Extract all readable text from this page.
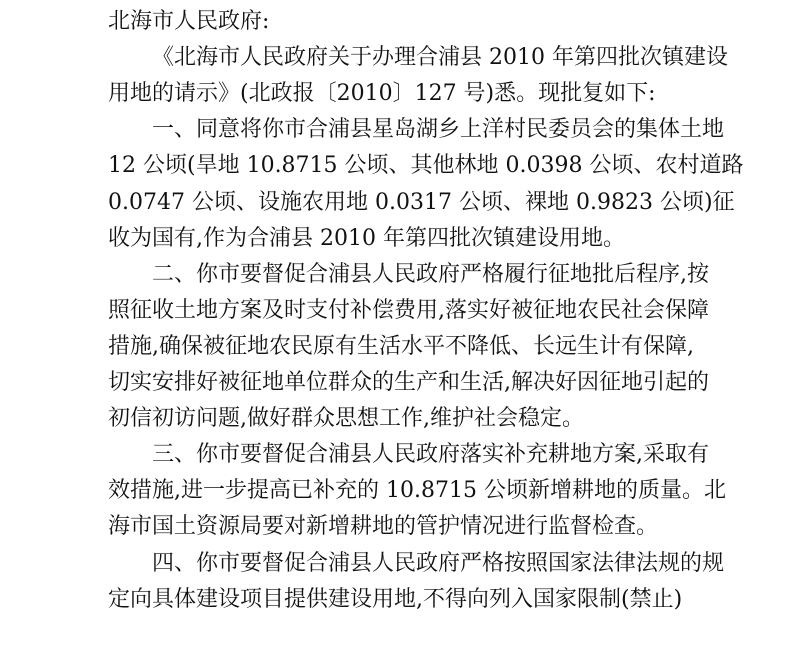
北海市人民政府:
《北海市人民政府关于办理合浦县 2010 年第四批次镇建设
用地的请示》(北政报〔2010〕127 号)悉。现批复如下:
一、同意将你市合浦县星岛湖乡上洋村民委员会的集体土地
12 公顷(旱地 10.8715 公顷、其他林地 0.0398 公顷、农村道路
0.0747 公顷、设施农用地 0.0317 公顷、裸地 0.9823 公顷)征
收为国有,作为合浦县 2010 年第四批次镇建设用地。
二、你市要督促合浦县人民政府严格履行征地批后程序,按
照征收土地方案及时支付补偿费用,落实好被征地农民社会保障
措施,确保被征地农民原有生活水平不降低、长远生计有保障,
切实安排好被征地单位群众的生产和生活,解决好因征地引起的
初信初访问题,做好群众思想工作,维护社会稳定。
三、你市要督促合浦县人民政府落实补充耕地方案,采取有
效措施,进一步提高已补充的 10.8715 公顷新增耕地的质量。北
海市国土资源局要对新增耕地的管护情况进行监督检查。
四、你市要督促合浦县人民政府严格按照国家法律法规的规
定向具体建设项目提供建设用地,不得向列入国家限制(禁止)
